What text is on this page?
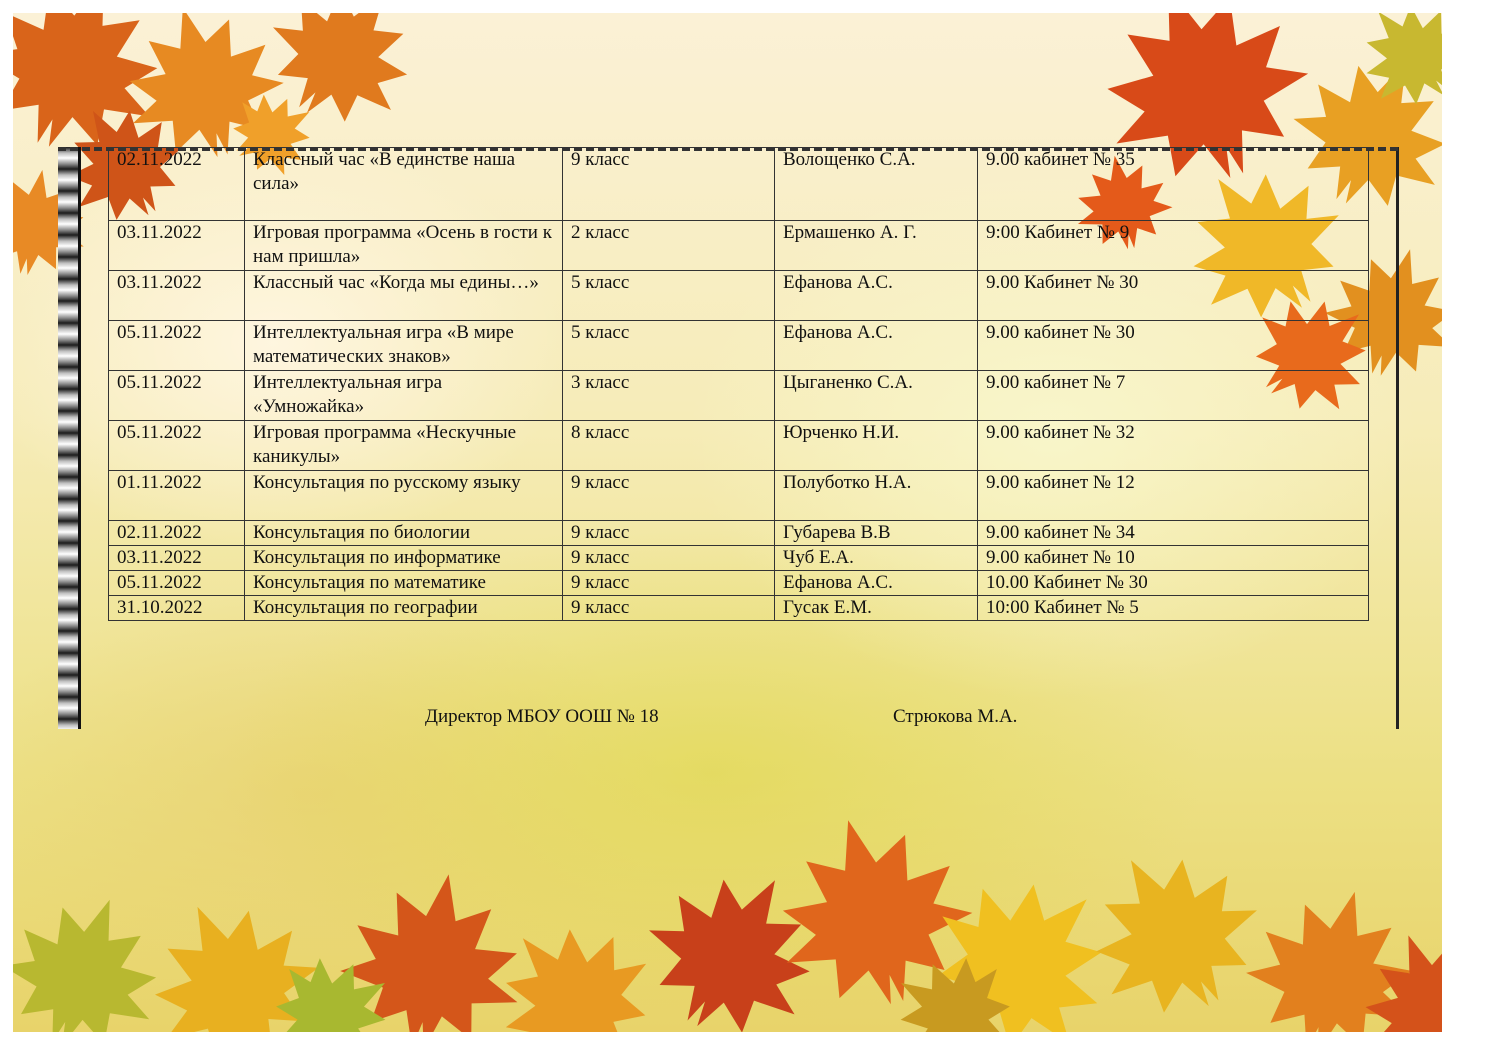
02.11.2022	Классный час «В единстве наша сила»	9 класс	Волощенко С.А.	9.00 кабинет № 35
03.11.2022	Игровая программа «Осень в гости к нам пришла»	2 класс	Ермашенко А. Г.	9:00 Кабинет № 9
03.11.2022	Классный час «Когда мы едины…»	5 класс	Ефанова А.С.	9.00 Кабинет № 30
05.11.2022	Интеллектуальная игра «В мире математических знаков»	5 класс	Ефанова А.С.	9.00 кабинет № 30
05.11.2022	Интеллектуальная игра «Умножайка»	3 класс	Цыганенко С.А.	9.00 кабинет № 7
05.11.2022	Игровая программа «Нескучные каникулы»	8 класс	Юрченко Н.И.	9.00 кабинет № 32
01.11.2022	Консультация по русскому языку	9 класс	Полуботко Н.А.	9.00 кабинет № 12
02.11.2022	Консультация по биологии	9 класс	Губарева В.В	9.00 кабинет № 34
03.11.2022	Консультация по информатике	9 класс	Чуб Е.А.	9.00 кабинет № 10
05.11.2022	Консультация по математике	9 класс	Ефанова А.С.	10.00 Кабинет № 30
31.10.2022	Консультация по географии	9 класс	Гусак Е.М.	10:00 Кабинет № 5
Директор МБОУ ООШ № 18	Стрюкова М.А.
